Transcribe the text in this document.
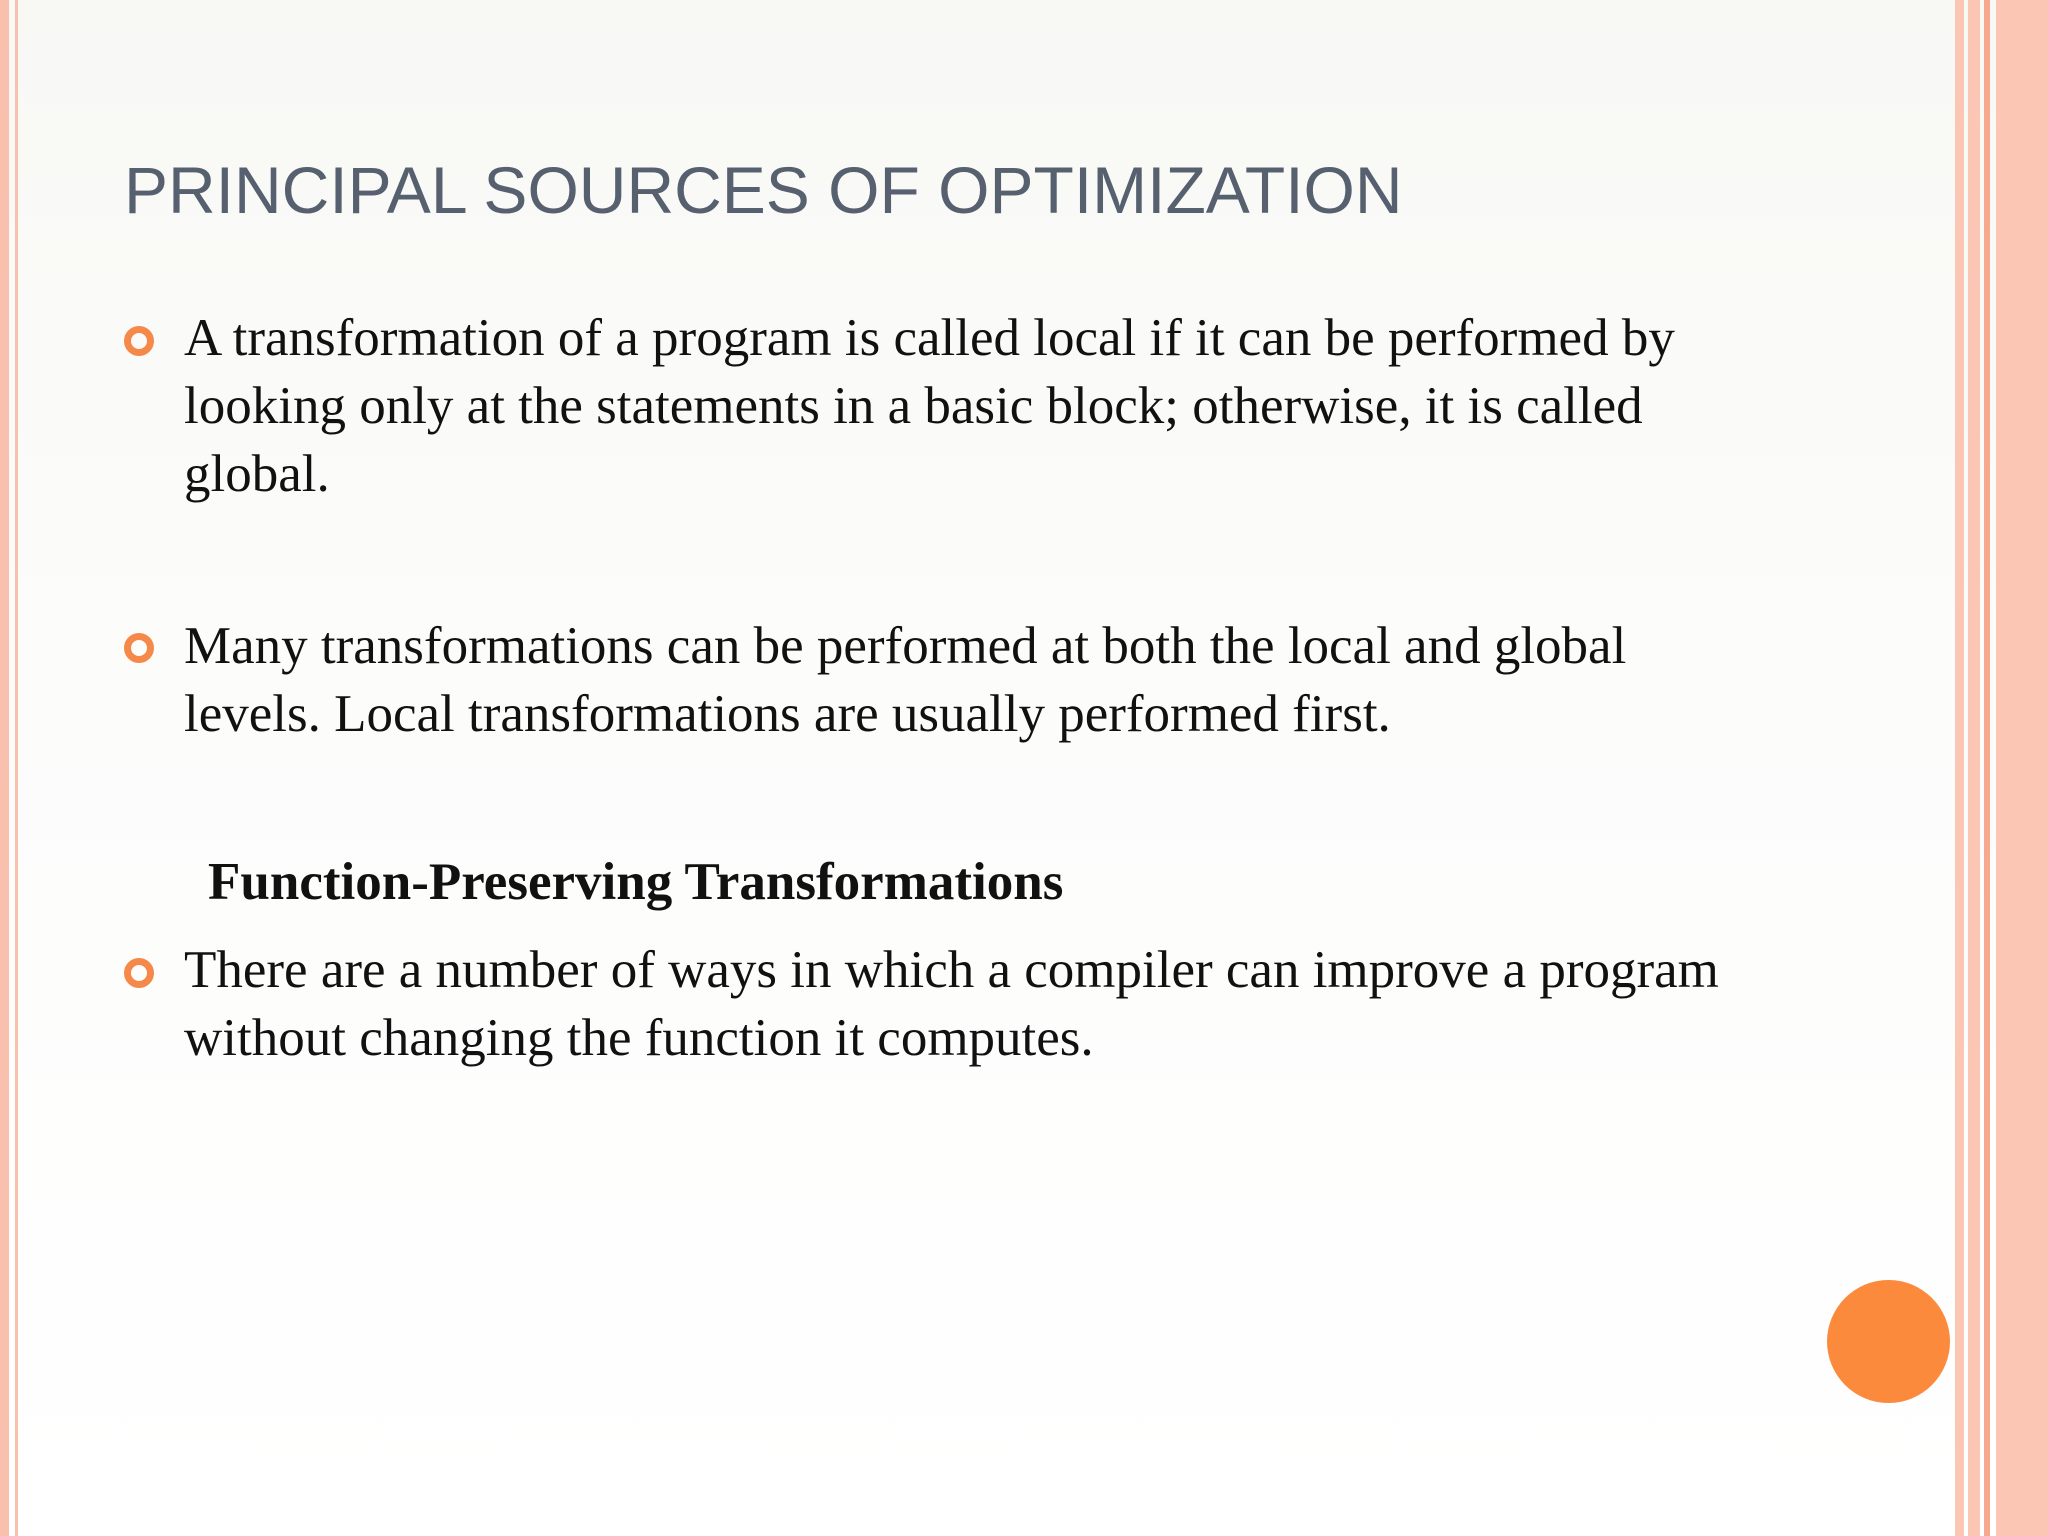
PRINCIPAL SOURCES OF OPTIMIZATION

A transformation of a program is called local if it can be performed by looking only at the statements in a basic block; otherwise, it is called global.

Many transformations can be performed at both the local and global levels. Local transformations are usually performed first.

Function-Preserving Transformations

There are a number of ways in which a compiler can improve a program without changing the function it computes.
